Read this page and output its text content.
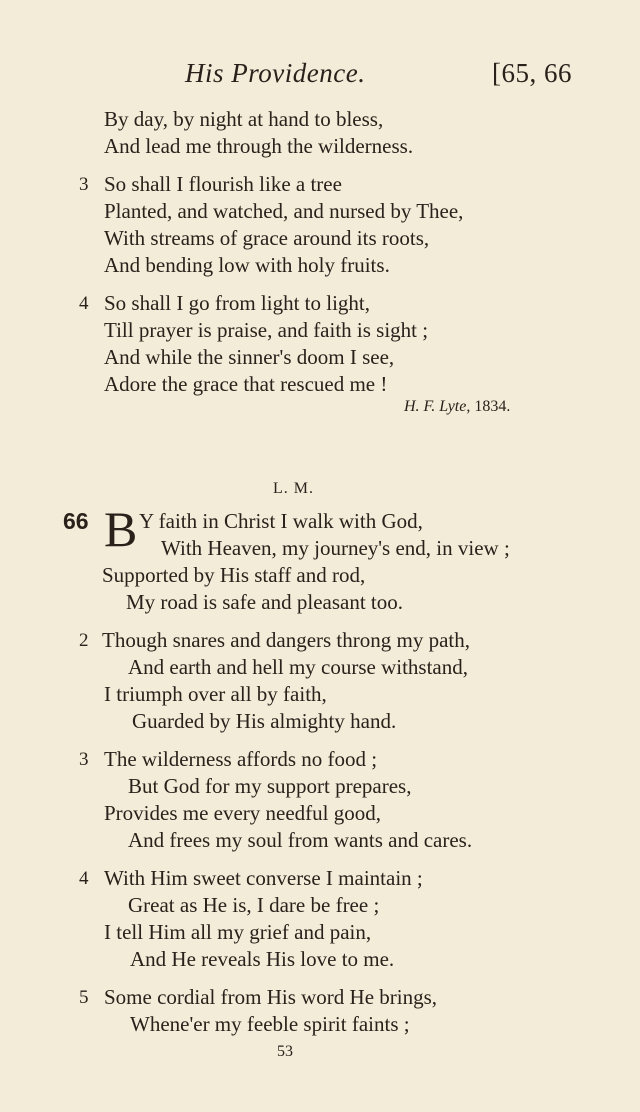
His Providence.	[65, 66
By day, by night at hand to bless,
And lead me through the wilderness.
3 So shall I flourish like a tree
Planted, and watched, and nursed by Thee,
With streams of grace around its roots,
And bending low with holy fruits.
4 So shall I go from light to light,
Till prayer is praise, and faith is sight ;
And while the sinner's doom I see,
Adore the grace that rescued me !
H. F. Lyte, 1834.
L. M.
66 B Y faith in Christ I walk with God,
With Heaven, my journey's end, in view ;
Supported by His staff and rod,
My road is safe and pleasant too.
2 Though snares and dangers throng my path,
And earth and hell my course withstand,
I triumph over all by faith,
Guarded by His almighty hand.
3 The wilderness affords no food ;
But God for my support prepares,
Provides me every needful good,
And frees my soul from wants and cares.
4 With Him sweet converse I maintain ;
Great as He is, I dare be free ;
I tell Him all my grief and pain,
And He reveals His love to me.
5 Some cordial from His word He brings,
Whene'er my feeble spirit faints ;
53
